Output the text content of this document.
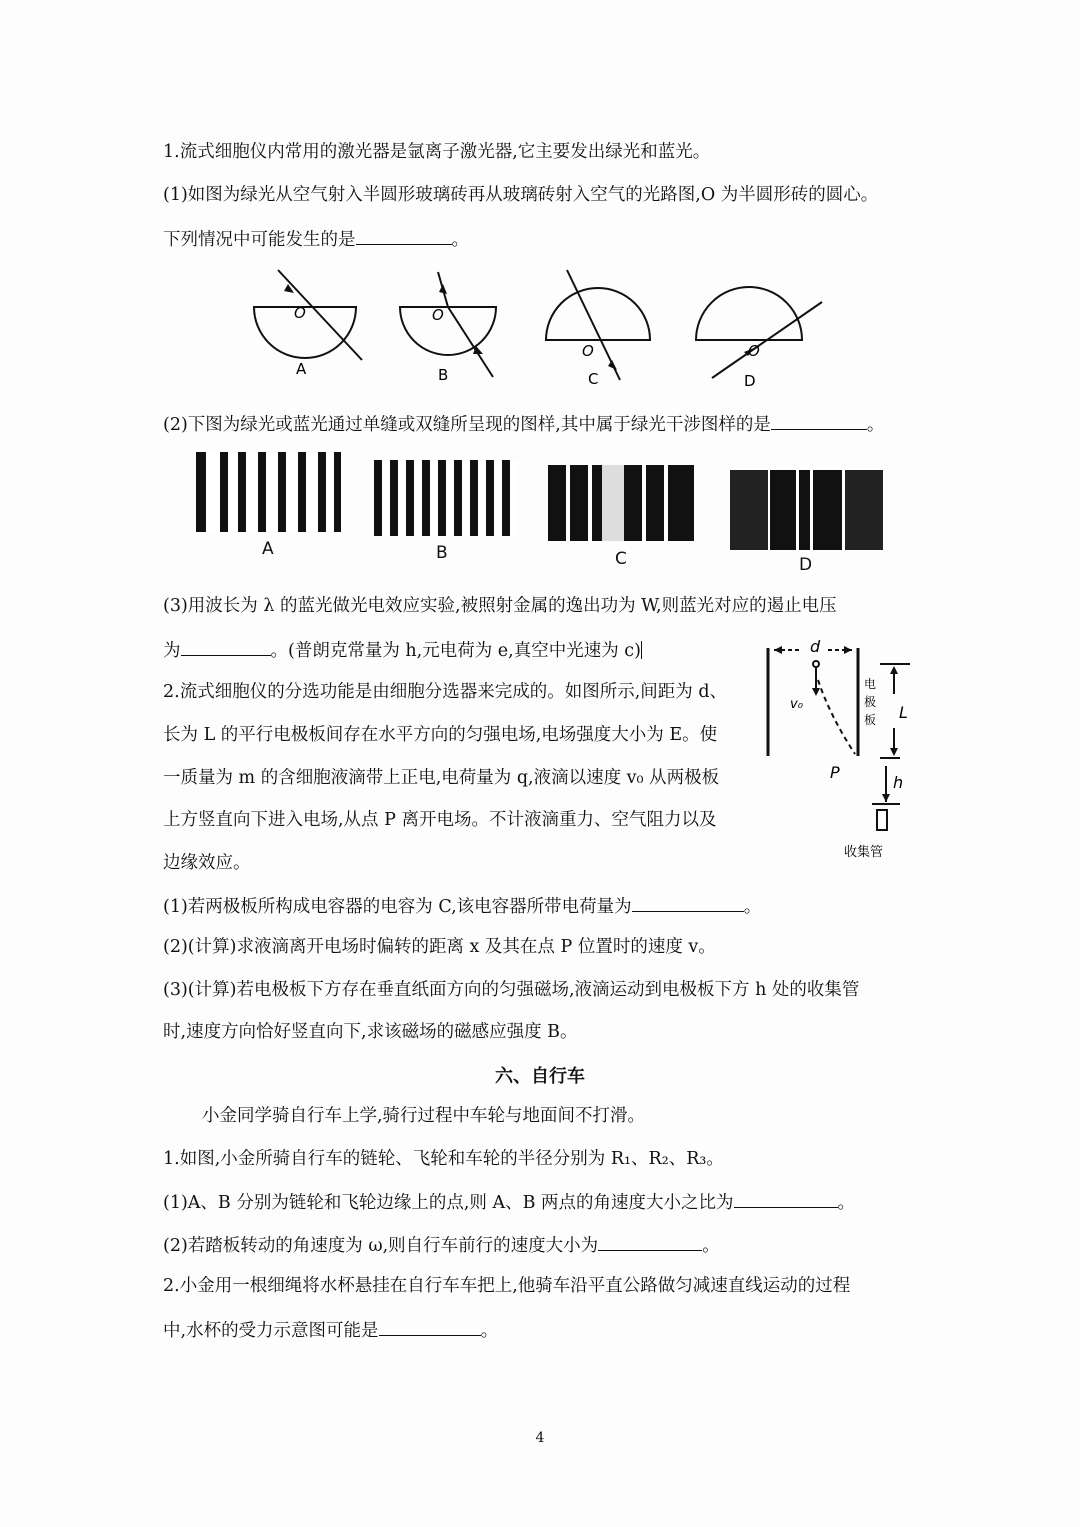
1.流式细胞仪内常用的激光器是氩离子激光器,它主要发出绿光和蓝光。
(1)如图为绿光从空气射入半圆形玻璃砖再从玻璃砖射入空气的光路图,O 为半圆形砖的圆心。
下列情况中可能发生的是	。
O	O
O	O
A	B	C	D
(2)下图为绿光或蓝光通过单缝或双缝所呈现的图样,其中属于绿光干涉图样的是	。
A	B	C	D
(3)用波长为 λ 的蓝光做光电效应实验,被照射金属的逸出功为 W,则蓝光对应的遏止电压
为	。(普朗克常量为 h,元电荷为 e,真空中光速为 c)
2.流式细胞仪的分选功能是由细胞分选器来完成的。如图所示,间距为 d、
长为 L 的平行电极板间存在水平方向的匀强电场,电场强度大小为 E。使
一质量为 m 的含细胞液滴带上正电,电荷量为 q,液滴以速度 v₀ 从两极板
上方竖直向下进入电场,从点 P 离开电场。不计液滴重力、空气阻力以及
边缘效应。
d
v₀	L
P
h
电
极
板
收集管
(1)若两极板所构成电容器的电容为 C,该电容器所带电荷量为	。
(2)(计算)求液滴离开电场时偏转的距离 x 及其在点 P 位置时的速度 v。
(3)(计算)若电极板下方存在垂直纸面方向的匀强磁场,液滴运动到电极板下方 h 处的收集管
时,速度方向恰好竖直向下,求该磁场的磁感应强度 B。
六、自行车
小金同学骑自行车上学,骑行过程中车轮与地面间不打滑。
1.如图,小金所骑自行车的链轮、飞轮和车轮的半径分别为 R₁、R₂、R₃。
(1)A、B 分别为链轮和飞轮边缘上的点,则 A、B 两点的角速度大小之比为	。
(2)若踏板转动的角速度为 ω,则自行车前行的速度大小为	。
2.小金用一根细绳将水杯悬挂在自行车车把上,他骑车沿平直公路做匀减速直线运动的过程
中,水杯的受力示意图可能是	。
4
